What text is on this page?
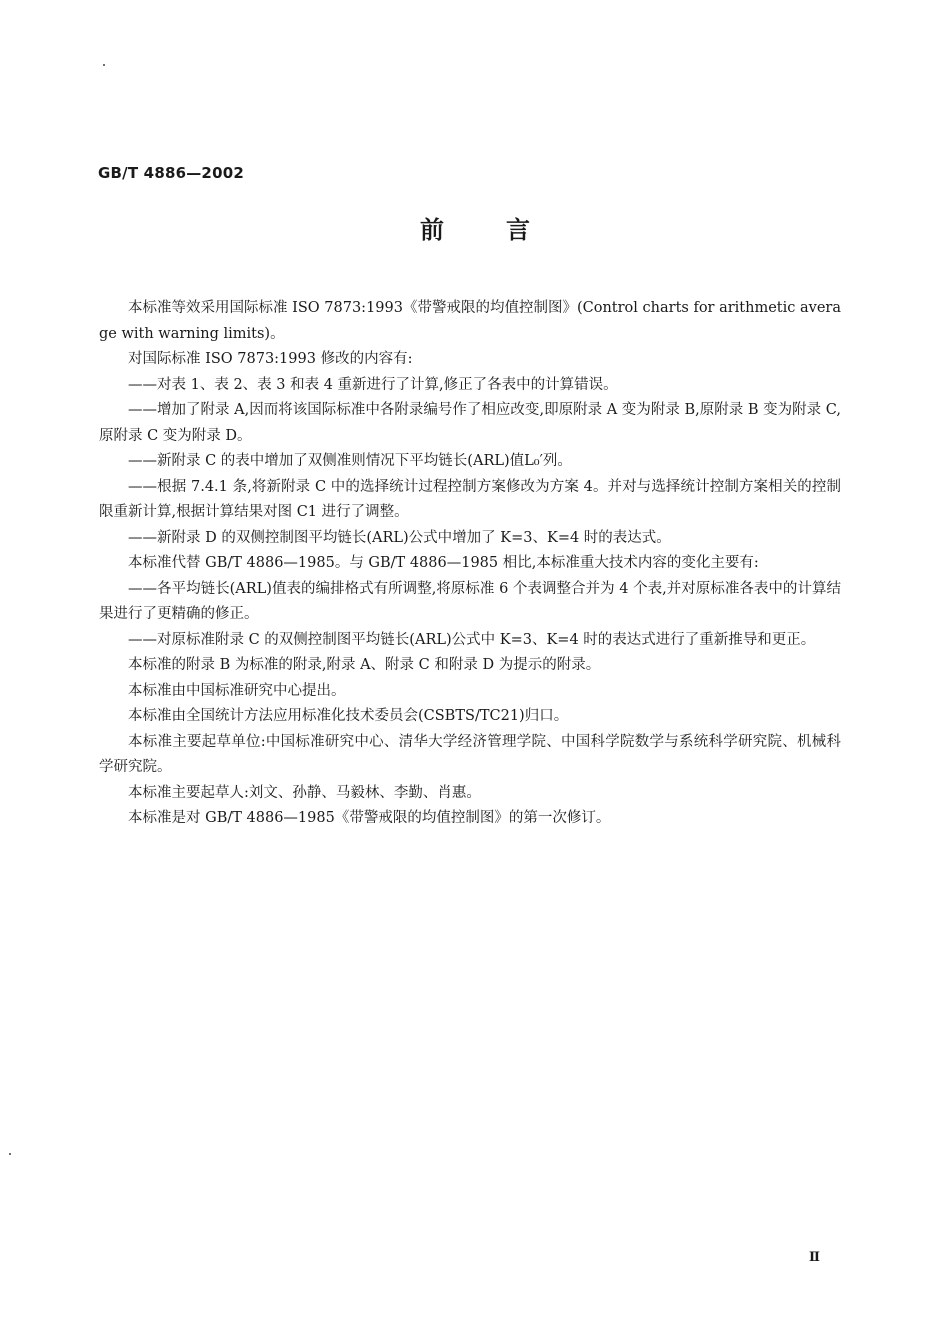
GB/T 4886—2002
前言

本标准等效采用国际标准 ISO 7873:1993《带警戒限的均值控制图》(Control charts for arithmetic average with warning limits)。

对国际标准 ISO 7873:1993 修改的内容有:

——对表 1、表 2、表 3 和表 4 重新进行了计算,修正了各表中的计算错误。

——增加了附录 A,因而将该国际标准中各附录编号作了相应改变,即原附录 A 变为附录 B,原附录 B 变为附录 C,原附录 C 变为附录 D。

——新附录 C 的表中增加了双侧准则情况下平均链长(ARL)值L₀′列。

——根据 7.4.1 条,将新附录 C 中的选择统计过程控制方案修改为方案 4。并对与选择统计控制方案相关的控制限重新计算,根据计算结果对图 C1 进行了调整。

——新附录 D 的双侧控制图平均链长(ARL)公式中增加了 K=3、K=4 时的表达式。

本标准代替 GB/T 4886—1985。与 GB/T 4886—1985 相比,本标准重大技术内容的变化主要有:

——各平均链长(ARL)值表的编排格式有所调整,将原标准 6 个表调整合并为 4 个表,并对原标准各表中的计算结果进行了更精确的修正。

——对原标准附录 C 的双侧控制图平均链长(ARL)公式中 K=3、K=4 时的表达式进行了重新推导和更正。

本标准的附录 B 为标准的附录,附录 A、附录 C 和附录 D 为提示的附录。

本标准由中国标准研究中心提出。

本标准由全国统计方法应用标准化技术委员会(CSBTS/TC21)归口。

本标准主要起草单位:中国标准研究中心、清华大学经济管理学院、中国科学院数学与系统科学研究院、机械科学研究院。

本标准主要起草人:刘文、孙静、马毅林、李勤、肖惠。

本标准是对 GB/T 4886—1985《带警戒限的均值控制图》的第一次修订。

Ⅱ
